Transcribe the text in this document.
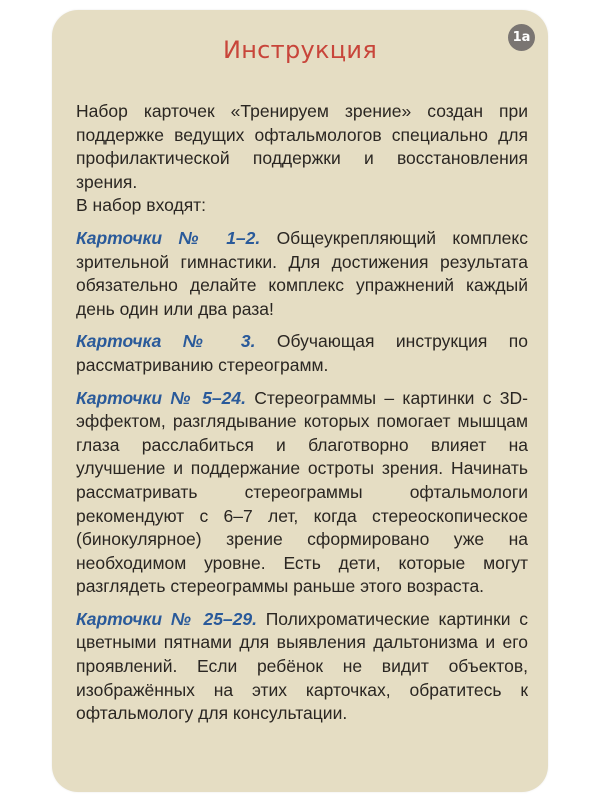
1a
Инструкция

Набор карточек «Тренируем зрение» создан при поддержке ведущих офтальмологов специально для профилактической поддержки и восстановления зрения.
В набор входят:

Карточки № 1–2. Общеукрепляющий комплекс зрительной гимнастики. Для достижения результата обязательно делайте комплекс упражнений каждый день один или два раза!

Карточка № 3. Обучающая инструкция по рассматриванию стереограмм.

Карточки № 5–24. Стереограммы – картинки с 3D-эффектом, разглядывание которых помогает мышцам глаза расслабиться и благотворно влияет на улучшение и поддержание остроты зрения. Начинать рассматривать стереограммы офтальмологи рекомендуют с 6–7 лет, когда стереоскопическое (бинокулярное) зрение сформировано уже на необходимом уровне. Есть дети, которые могут разглядеть стереограммы раньше этого возраста.

Карточки № 25–29. Полихроматические картинки с цветными пятнами для выявления дальтонизма и его проявлений. Если ребёнок не видит объектов, изображённых на этих карточках, обратитесь к офтальмологу для консультации.
